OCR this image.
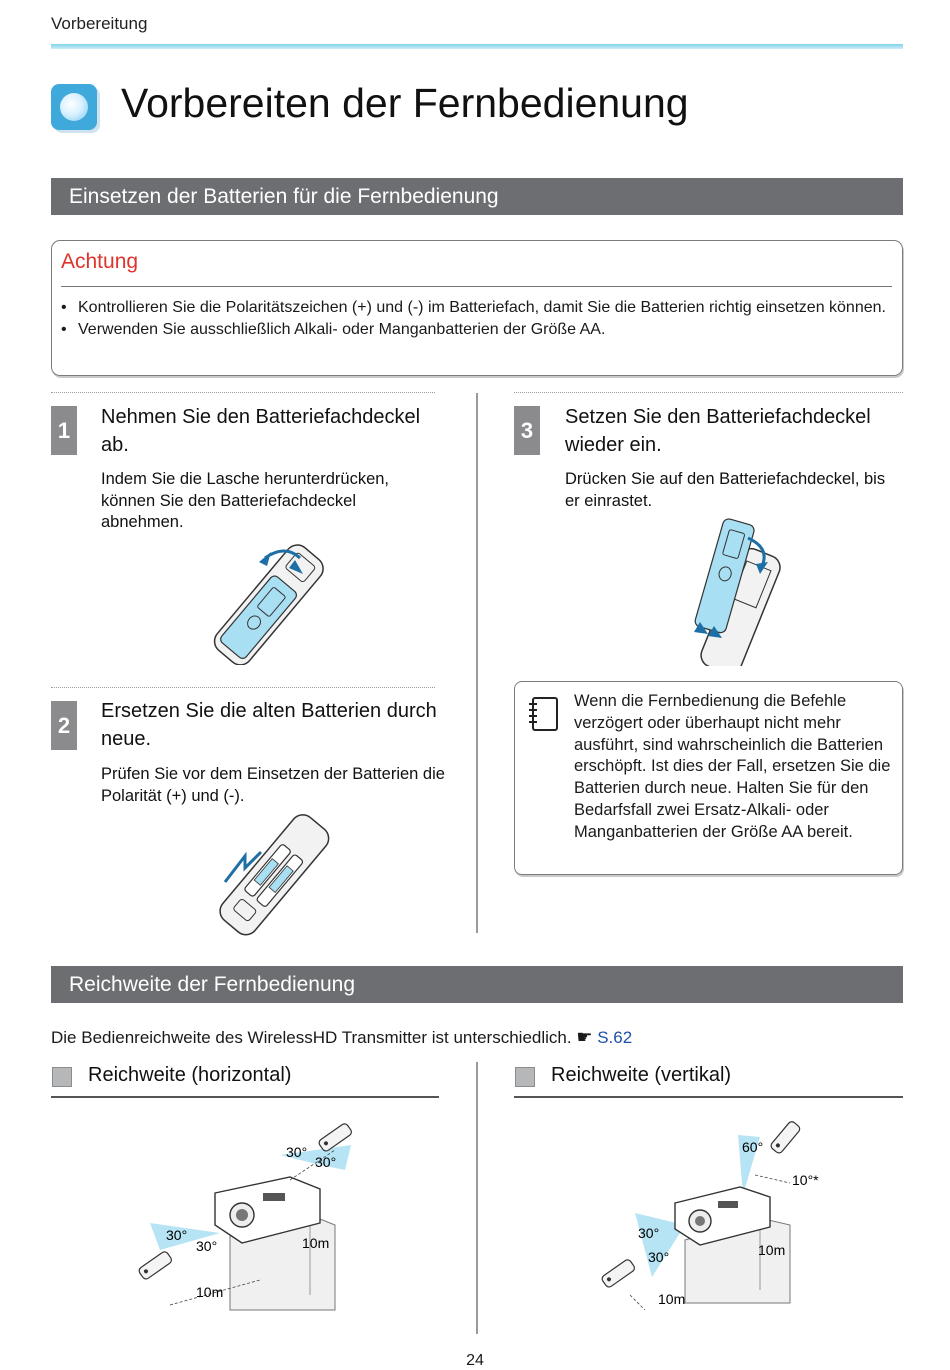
Vorbereitung
Vorbereiten der Fernbedienung
Einsetzen der Batterien für die Fernbedienung
Achtung
• Kontrollieren Sie die Polaritätszeichen (+) und (-) im Batteriefach, damit Sie die Batterien richtig einsetzen können.
• Verwenden Sie ausschließlich Alkali- oder Manganbatterien der Größe AA.
1
Nehmen Sie den Batteriefachdeckel ab.
Indem Sie die Lasche herunterdrücken, können Sie den Batteriefachdeckel abnehmen.
2
Ersetzen Sie die alten Batterien durch neue.
Prüfen Sie vor dem Einsetzen der Batterien die Polarität (+) und (-).
3
Setzen Sie den Batteriefachdeckel wieder ein.
Drücken Sie auf den Batteriefachdeckel, bis er einrastet.
Wenn die Fernbedienung die Befehle verzögert oder überhaupt nicht mehr ausführt, sind wahrscheinlich die Batterien erschöpft. Ist dies der Fall, ersetzen Sie die Batterien durch neue. Halten Sie für den Bedarfsfall zwei Ersatz-Alkali- oder Manganbatterien der Größe AA bereit.
Reichweite der Fernbedienung
Die Bedienreichweite des WirelessHD Transmitter ist unterschiedlich. ☛ S.62
Reichweite (horizontal)	Reichweite (vertikal)
30°
30°
30°
30°	10m
10m
60°
10°*
30°
30°	10m
10m
24
